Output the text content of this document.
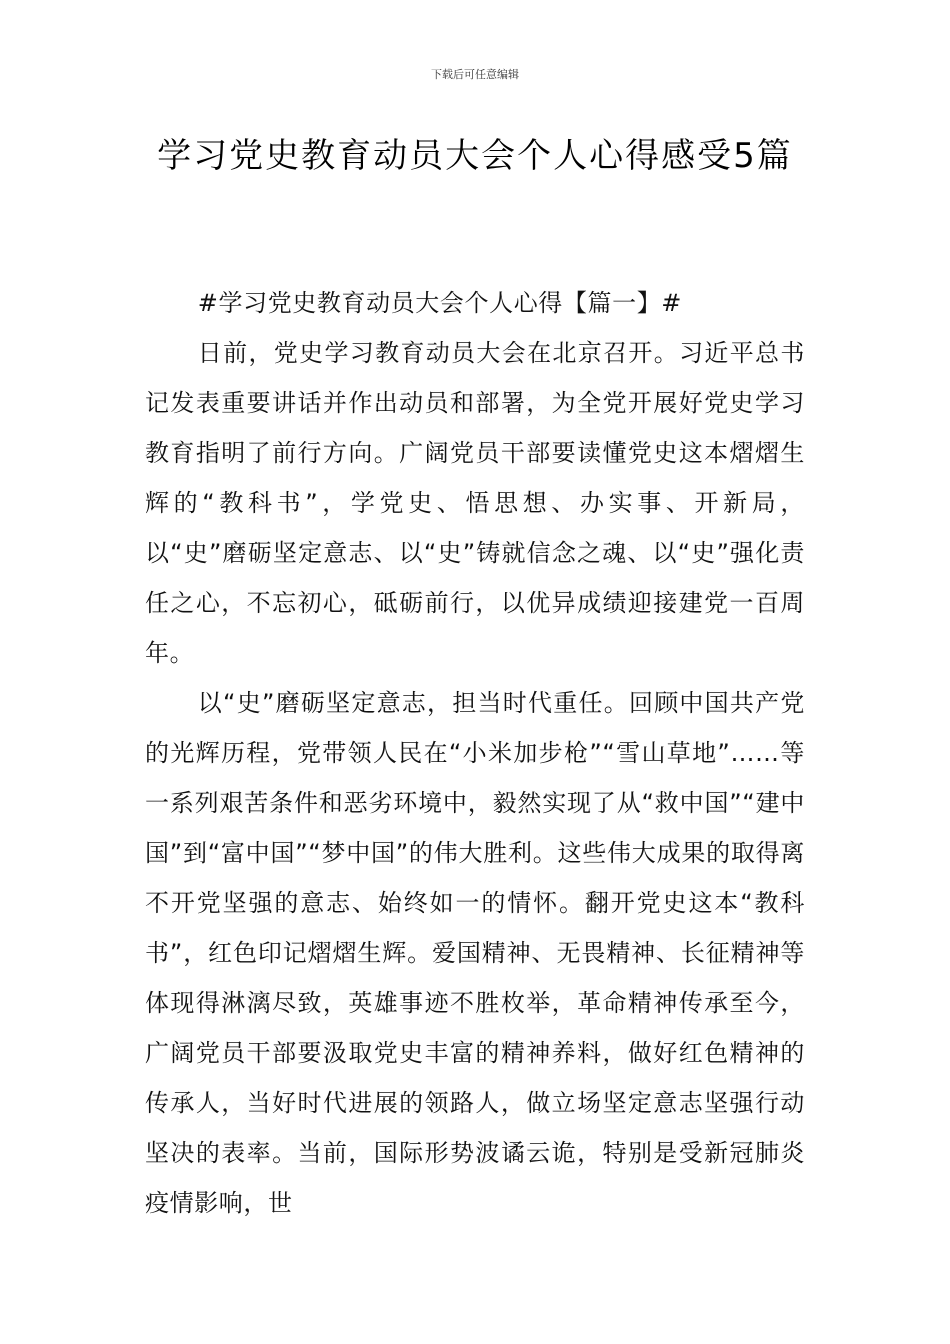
下载后可任意编辑
学习党史教育动员大会个人心得感受5篇

#学习党史教育动员大会个人心得【篇一】#

日前，党史学习教育动员大会在北京召开。习近平总书记发表重要讲话并作出动员和部署，为全党开展好党史学习教育指明了前行方向。广阔党员干部要读懂党史这本熠熠生辉的“教科书”，学党史、悟思想、办实事、开新局，以“史”磨砺坚定意志、以“史”铸就信念之魂、以“史”强化责任之心，不忘初心，砥砺前行，以优异成绩迎接建党一百周年。

以“史”磨砺坚定意志，担当时代重任。回顾中国共产党的光辉历程，党带领人民在“小米加步枪”“雪山草地”……等一系列艰苦条件和恶劣环境中，毅然实现了从“救中国”“建中国”到“富中国”“梦中国”的伟大胜利。这些伟大成果的取得离不开党坚强的意志、始终如一的情怀。翻开党史这本“教科书”，红色印记熠熠生辉。爱国精神、无畏精神、长征精神等体现得淋漓尽致，英雄事迹不胜枚举，革命精神传承至今，广阔党员干部要汲取党史丰富的精神养料，做好红色精神的传承人，当好时代进展的领路人，做立场坚定意志坚强行动坚决的表率。当前，国际形势波谲云诡，特别是受新冠肺炎疫情影响，世
